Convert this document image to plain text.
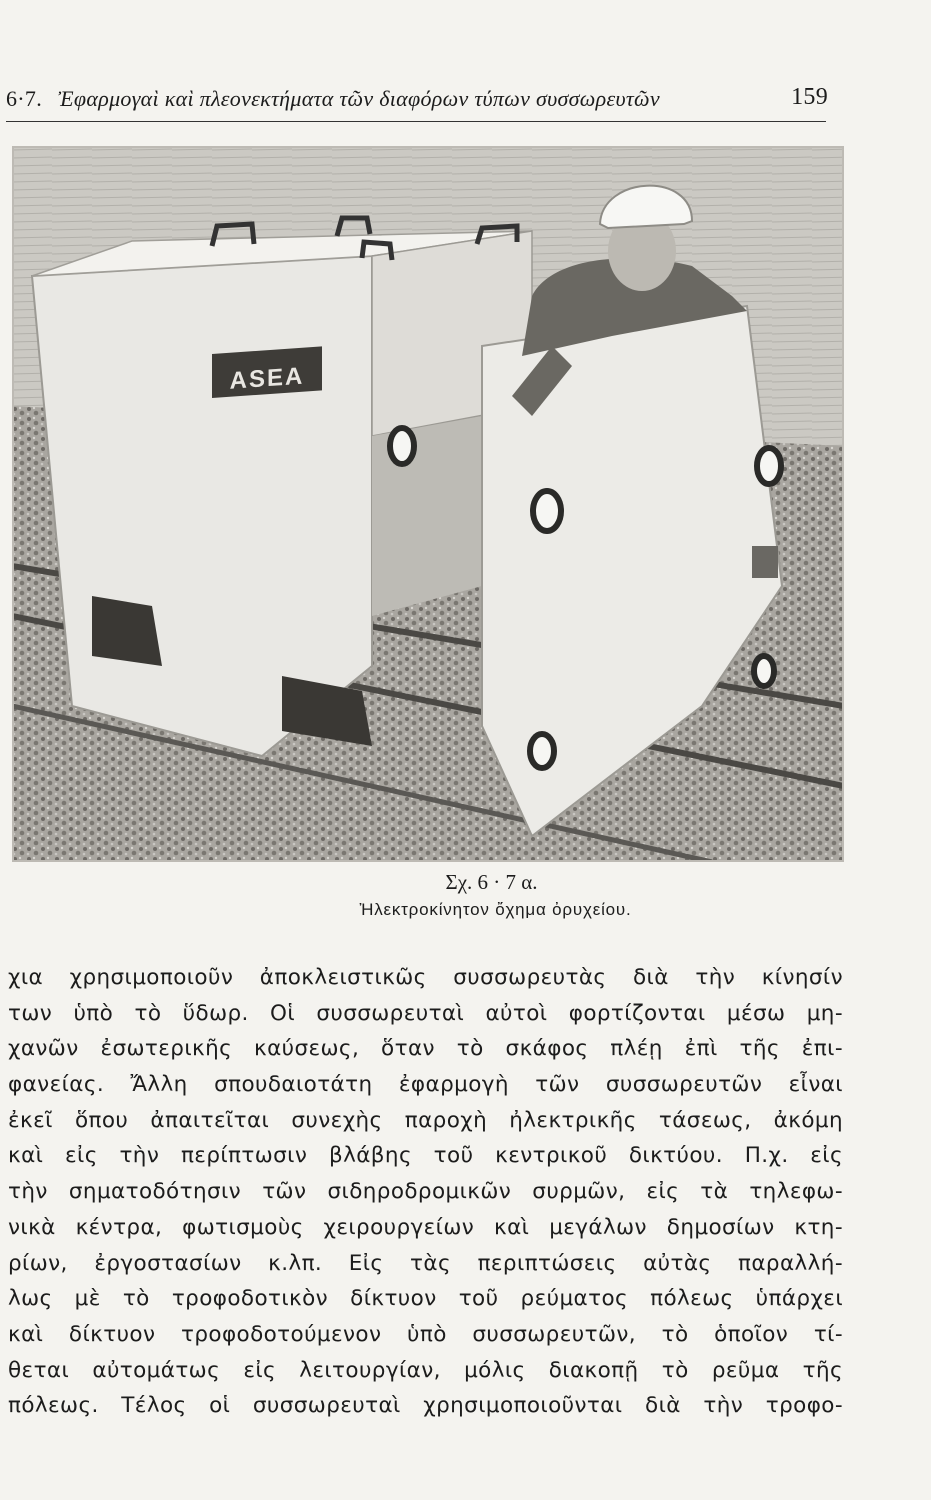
6·7. Ἐφαρμογαὶ καὶ πλεονεκτήματα τῶν διαφόρων τύπων συσσωρευτῶν	159
ASEA
Σχ. 6 · 7 α.
Ἠλεκτροκίνητον ὄχημα ὀρυχείου.
χια χρησιμοποιοῦν ἀποκλειστικῶς συσσωρευτὰς διὰ τὴν κίνησίν
των ὑπὸ τὸ ὕδωρ. Οἱ συσσωρευταὶ αὐτοὶ φορτίζονται μέσω μη-
χανῶν ἐσωτερικῆς καύσεως, ὅταν τὸ σκάφος πλέῃ ἐπὶ τῆς ἐπι-
φανείας. Ἄλλη σπουδαιοτάτη ἐφαρμογὴ τῶν συσσωρευτῶν εἶναι
ἐκεῖ ὅπου ἀπαιτεῖται συνεχὴς παροχὴ ἠλεκτρικῆς τάσεως, ἀκόμη
καὶ εἰς τὴν περίπτωσιν βλάβης τοῦ κεντρικοῦ δικτύου. Π.χ. εἰς
τὴν σηματοδότησιν τῶν σιδηροδρομικῶν συρμῶν, εἰς τὰ τηλεφω-
νικὰ κέντρα, φωτισμοὺς χειρουργείων καὶ μεγάλων δημοσίων κτη-
ρίων, ἐργοστασίων κ.λπ. Εἰς τὰς περιπτώσεις αὐτὰς παραλλή-
λως μὲ τὸ τροφοδοτικὸν δίκτυον τοῦ ρεύματος πόλεως ὑπάρχει
καὶ δίκτυον τροφοδοτούμενον ὑπὸ συσσωρευτῶν, τὸ ὁποῖον τί-
θεται αὐτομάτως εἰς λειτουργίαν, μόλις διακοπῇ τὸ ρεῦμα τῆς
πόλεως. Τέλος οἱ συσσωρευταὶ χρησιμοποιοῦνται διὰ τὴν τροφο-
